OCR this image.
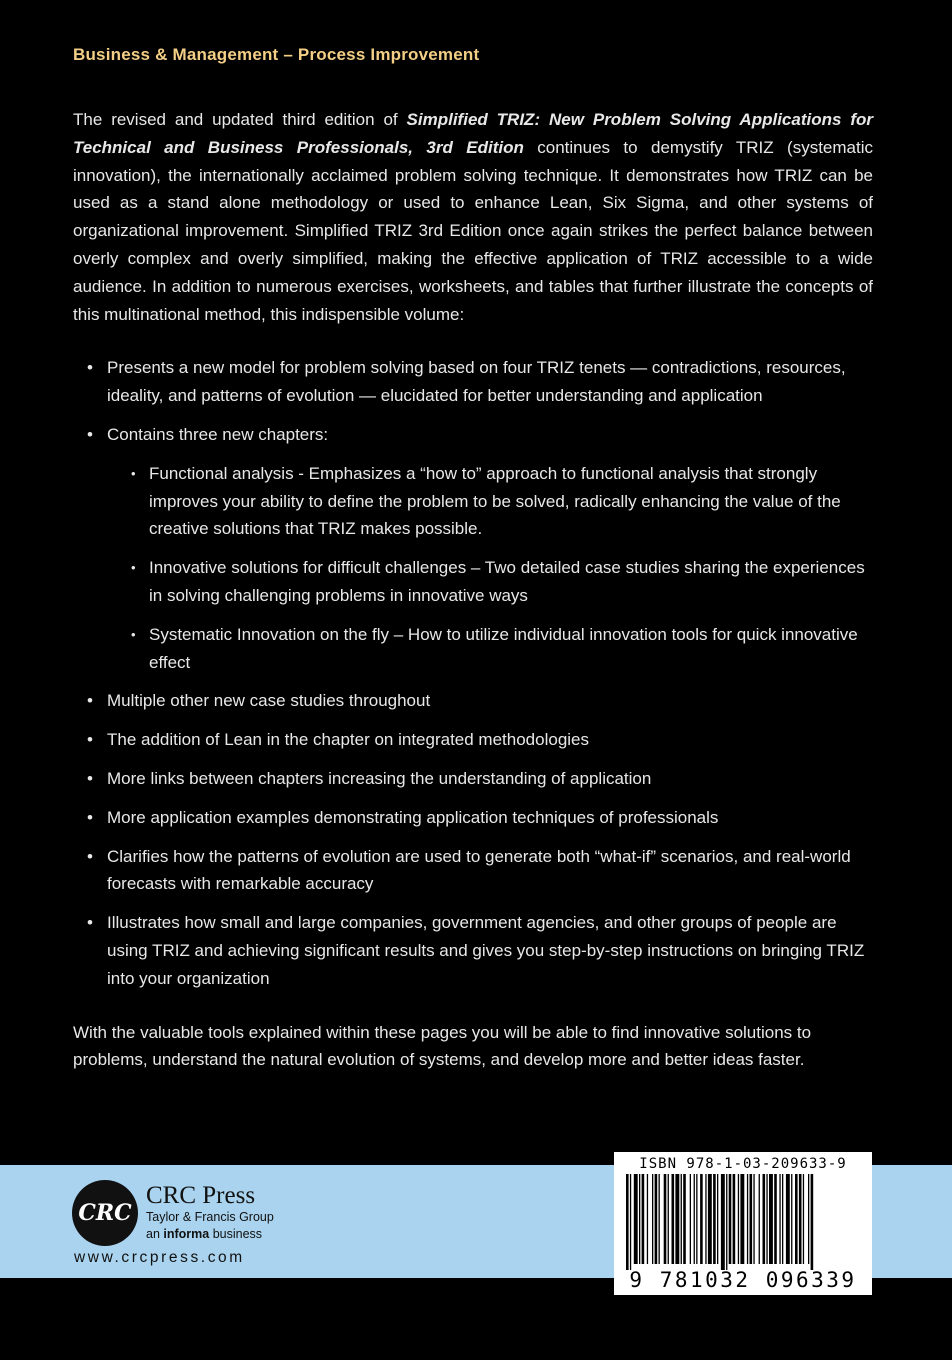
Business & Management – Process Improvement

The revised and updated third edition of Simplified TRIZ: New Problem Solving Applications for Technical and Business Professionals, 3rd Edition continues to demystify TRIZ (systematic innovation), the internationally acclaimed problem solving technique. It demonstrates how TRIZ can be used as a stand alone methodology or used to enhance Lean, Six Sigma, and other systems of organizational improvement. Simplified TRIZ 3rd Edition once again strikes the perfect balance between overly complex and overly simplified, making the effective application of TRIZ accessible to a wide audience. In addition to numerous exercises, worksheets, and tables that further illustrate the concepts of this multinational method, this indispensible volume:

• Presents a new model for problem solving based on four TRIZ tenets — contradictions, resources, ideality, and patterns of evolution — elucidated for better understanding and application
• Contains three new chapters:
• Functional analysis - Emphasizes a “how to” approach to functional analysis that strongly improves your ability to define the problem to be solved, radically enhancing the value of the creative solutions that TRIZ makes possible.
• Innovative solutions for difficult challenges – Two detailed case studies sharing the experiences in solving challenging problems in innovative ways
• Systematic Innovation on the fly – How to utilize individual innovation tools for quick innovative effect
• Multiple other new case studies throughout
• The addition of Lean in the chapter on integrated methodologies
• More links between chapters increasing the understanding of application
• More application examples demonstrating application techniques of professionals
• Clarifies how the patterns of evolution are used to generate both “what-if” scenarios, and real-world forecasts with remarkable accuracy
• Illustrates how small and large companies, government agencies, and other groups of people are using TRIZ and achieving significant results and gives you step-by-step instructions on bringing TRIZ into your organization

With the valuable tools explained within these pages you will be able to find innovative solutions to problems, understand the natural evolution of systems, and develop more and better ideas faster.

CRC
CRC Press
Taylor & Francis Group
an informa business
www.crcpress.com
ISBN 978-1-03-209633-9
9 781032 096339
